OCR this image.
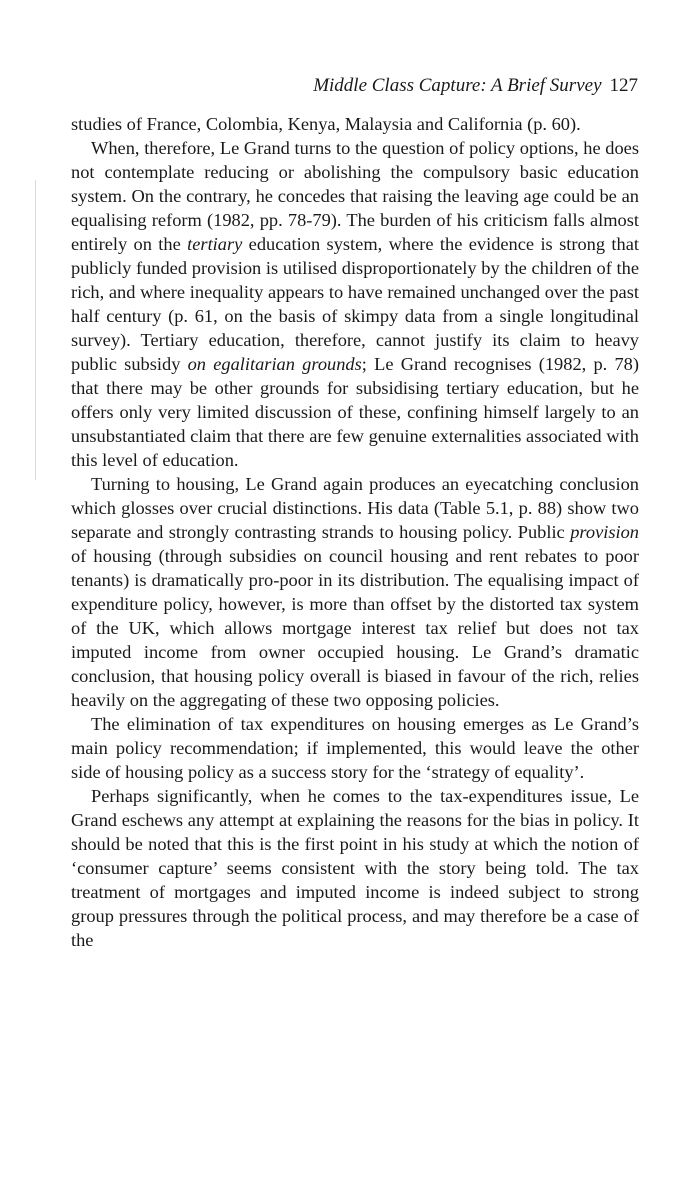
Middle Class Capture: A Brief Survey 127

studies of France, Colombia, Kenya, Malaysia and California (p. 60).

When, therefore, Le Grand turns to the question of policy options, he does not contemplate reducing or abolishing the compulsory basic education system. On the contrary, he concedes that raising the leaving age could be an equalising reform (1982, pp. 78-79). The burden of his criticism falls almost entirely on the tertiary education system, where the evidence is strong that publicly funded provision is utilised disproportionately by the children of the rich, and where inequality appears to have remained unchanged over the past half century (p. 61, on the basis of skimpy data from a single longitudinal survey). Tertiary education, therefore, cannot justify its claim to heavy public subsidy on egalitarian grounds; Le Grand recognises (1982, p. 78) that there may be other grounds for subsidising tertiary education, but he offers only very limited discussion of these, confining himself largely to an unsubstantiated claim that there are few genuine externalities associated with this level of education.

Turning to housing, Le Grand again produces an eyecatching conclusion which glosses over crucial distinctions. His data (Table 5.1, p. 88) show two separate and strongly contrasting strands to housing policy. Public provision of housing (through subsidies on council housing and rent rebates to poor tenants) is dramatically pro-poor in its distribution. The equalising impact of expenditure policy, however, is more than offset by the distorted tax system of the UK, which allows mortgage interest tax relief but does not tax imputed income from owner occupied housing. Le Grand’s dramatic conclusion, that housing policy overall is biased in favour of the rich, relies heavily on the aggregating of these two opposing policies.

The elimination of tax expenditures on housing emerges as Le Grand’s main policy recommendation; if implemented, this would leave the other side of housing policy as a success story for the ‘strategy of equality’.

Perhaps significantly, when he comes to the tax-expenditures issue, Le Grand eschews any attempt at explaining the reasons for the bias in policy. It should be noted that this is the first point in his study at which the notion of ‘consumer capture’ seems consistent with the story being told. The tax treatment of mortgages and imputed income is indeed subject to strong group pressures through the political process, and may therefore be a case of the
